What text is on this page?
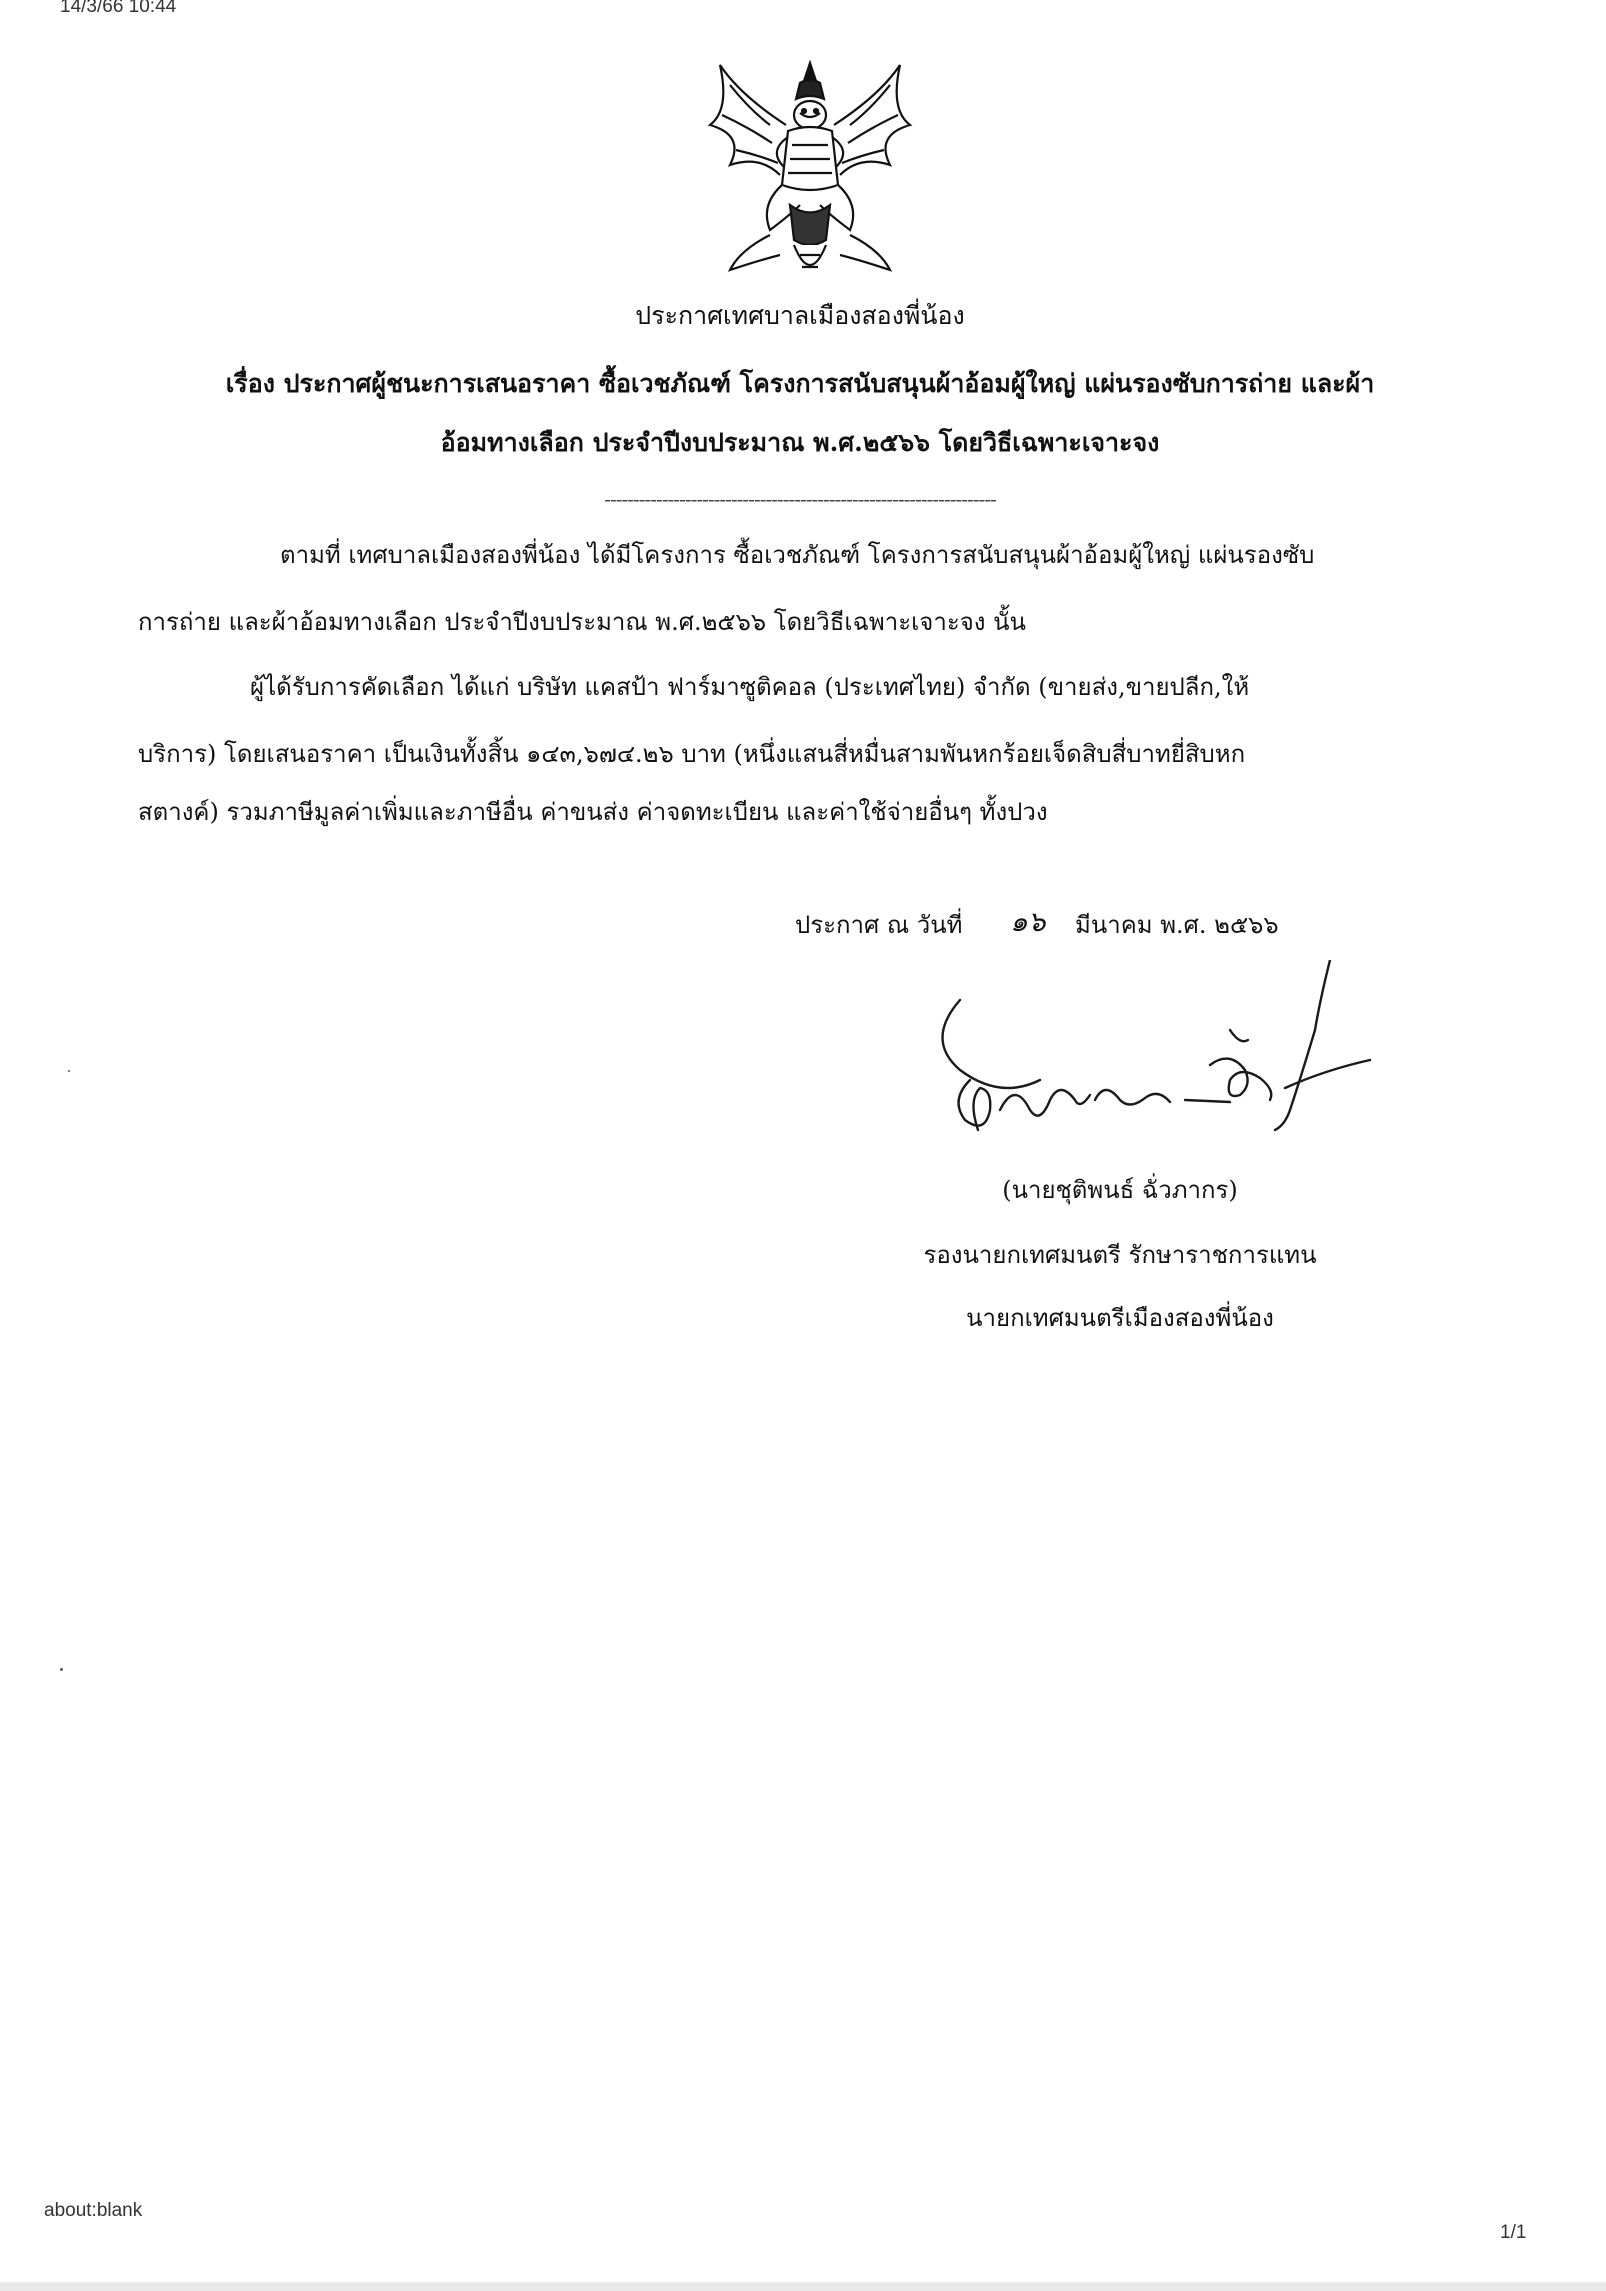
14/3/66 10:44
ประกาศเทศบาลเมืองสองพี่น้อง
เรื่อง ประกาศผู้ชนะการเสนอราคา ซื้อเวชภัณฑ์ โครงการสนับสนุนผ้าอ้อมผู้ใหญ่ แผ่นรองซับการถ่าย และผ้า
อ้อมทางเลือก ประจำปีงบประมาณ พ.ศ.๒๕๖๖ โดยวิธีเฉพาะเจาะจง
--------------------------------------------------------------------
ตามที่ เทศบาลเมืองสองพี่น้อง ได้มีโครงการ ซื้อเวชภัณฑ์ โครงการสนับสนุนผ้าอ้อมผู้ใหญ่ แผ่นรองซับ
การถ่าย และผ้าอ้อมทางเลือก ประจำปีงบประมาณ พ.ศ.๒๕๖๖ โดยวิธีเฉพาะเจาะจง นั้น
ผู้ได้รับการคัดเลือก ได้แก่ บริษัท แคสป้า ฟาร์มาซูติคอล (ประเทศไทย) จำกัด (ขายส่ง,ขายปลีก,ให้
บริการ) โดยเสนอราคา เป็นเงินทั้งสิ้น ๑๔๓,๖๗๔.๒๖ บาท (หนึ่งแสนสี่หมื่นสามพันหกร้อยเจ็ดสิบสี่บาทยี่สิบหก
สตางค์) รวมภาษีมูลค่าเพิ่มและภาษีอื่น ค่าขนส่ง ค่าจดทะเบียน และค่าใช้จ่ายอื่นๆ ทั้งปวง
ประกาศ ณ วันที่ ๑๖ มีนาคม พ.ศ. ๒๕๖๖
(นายชุติพนธ์ ฉั่วภากร)
รองนายกเทศมนตรี รักษาราชการแทน
นายกเทศมนตรีเมืองสองพี่น้อง
about:blank
1/1
